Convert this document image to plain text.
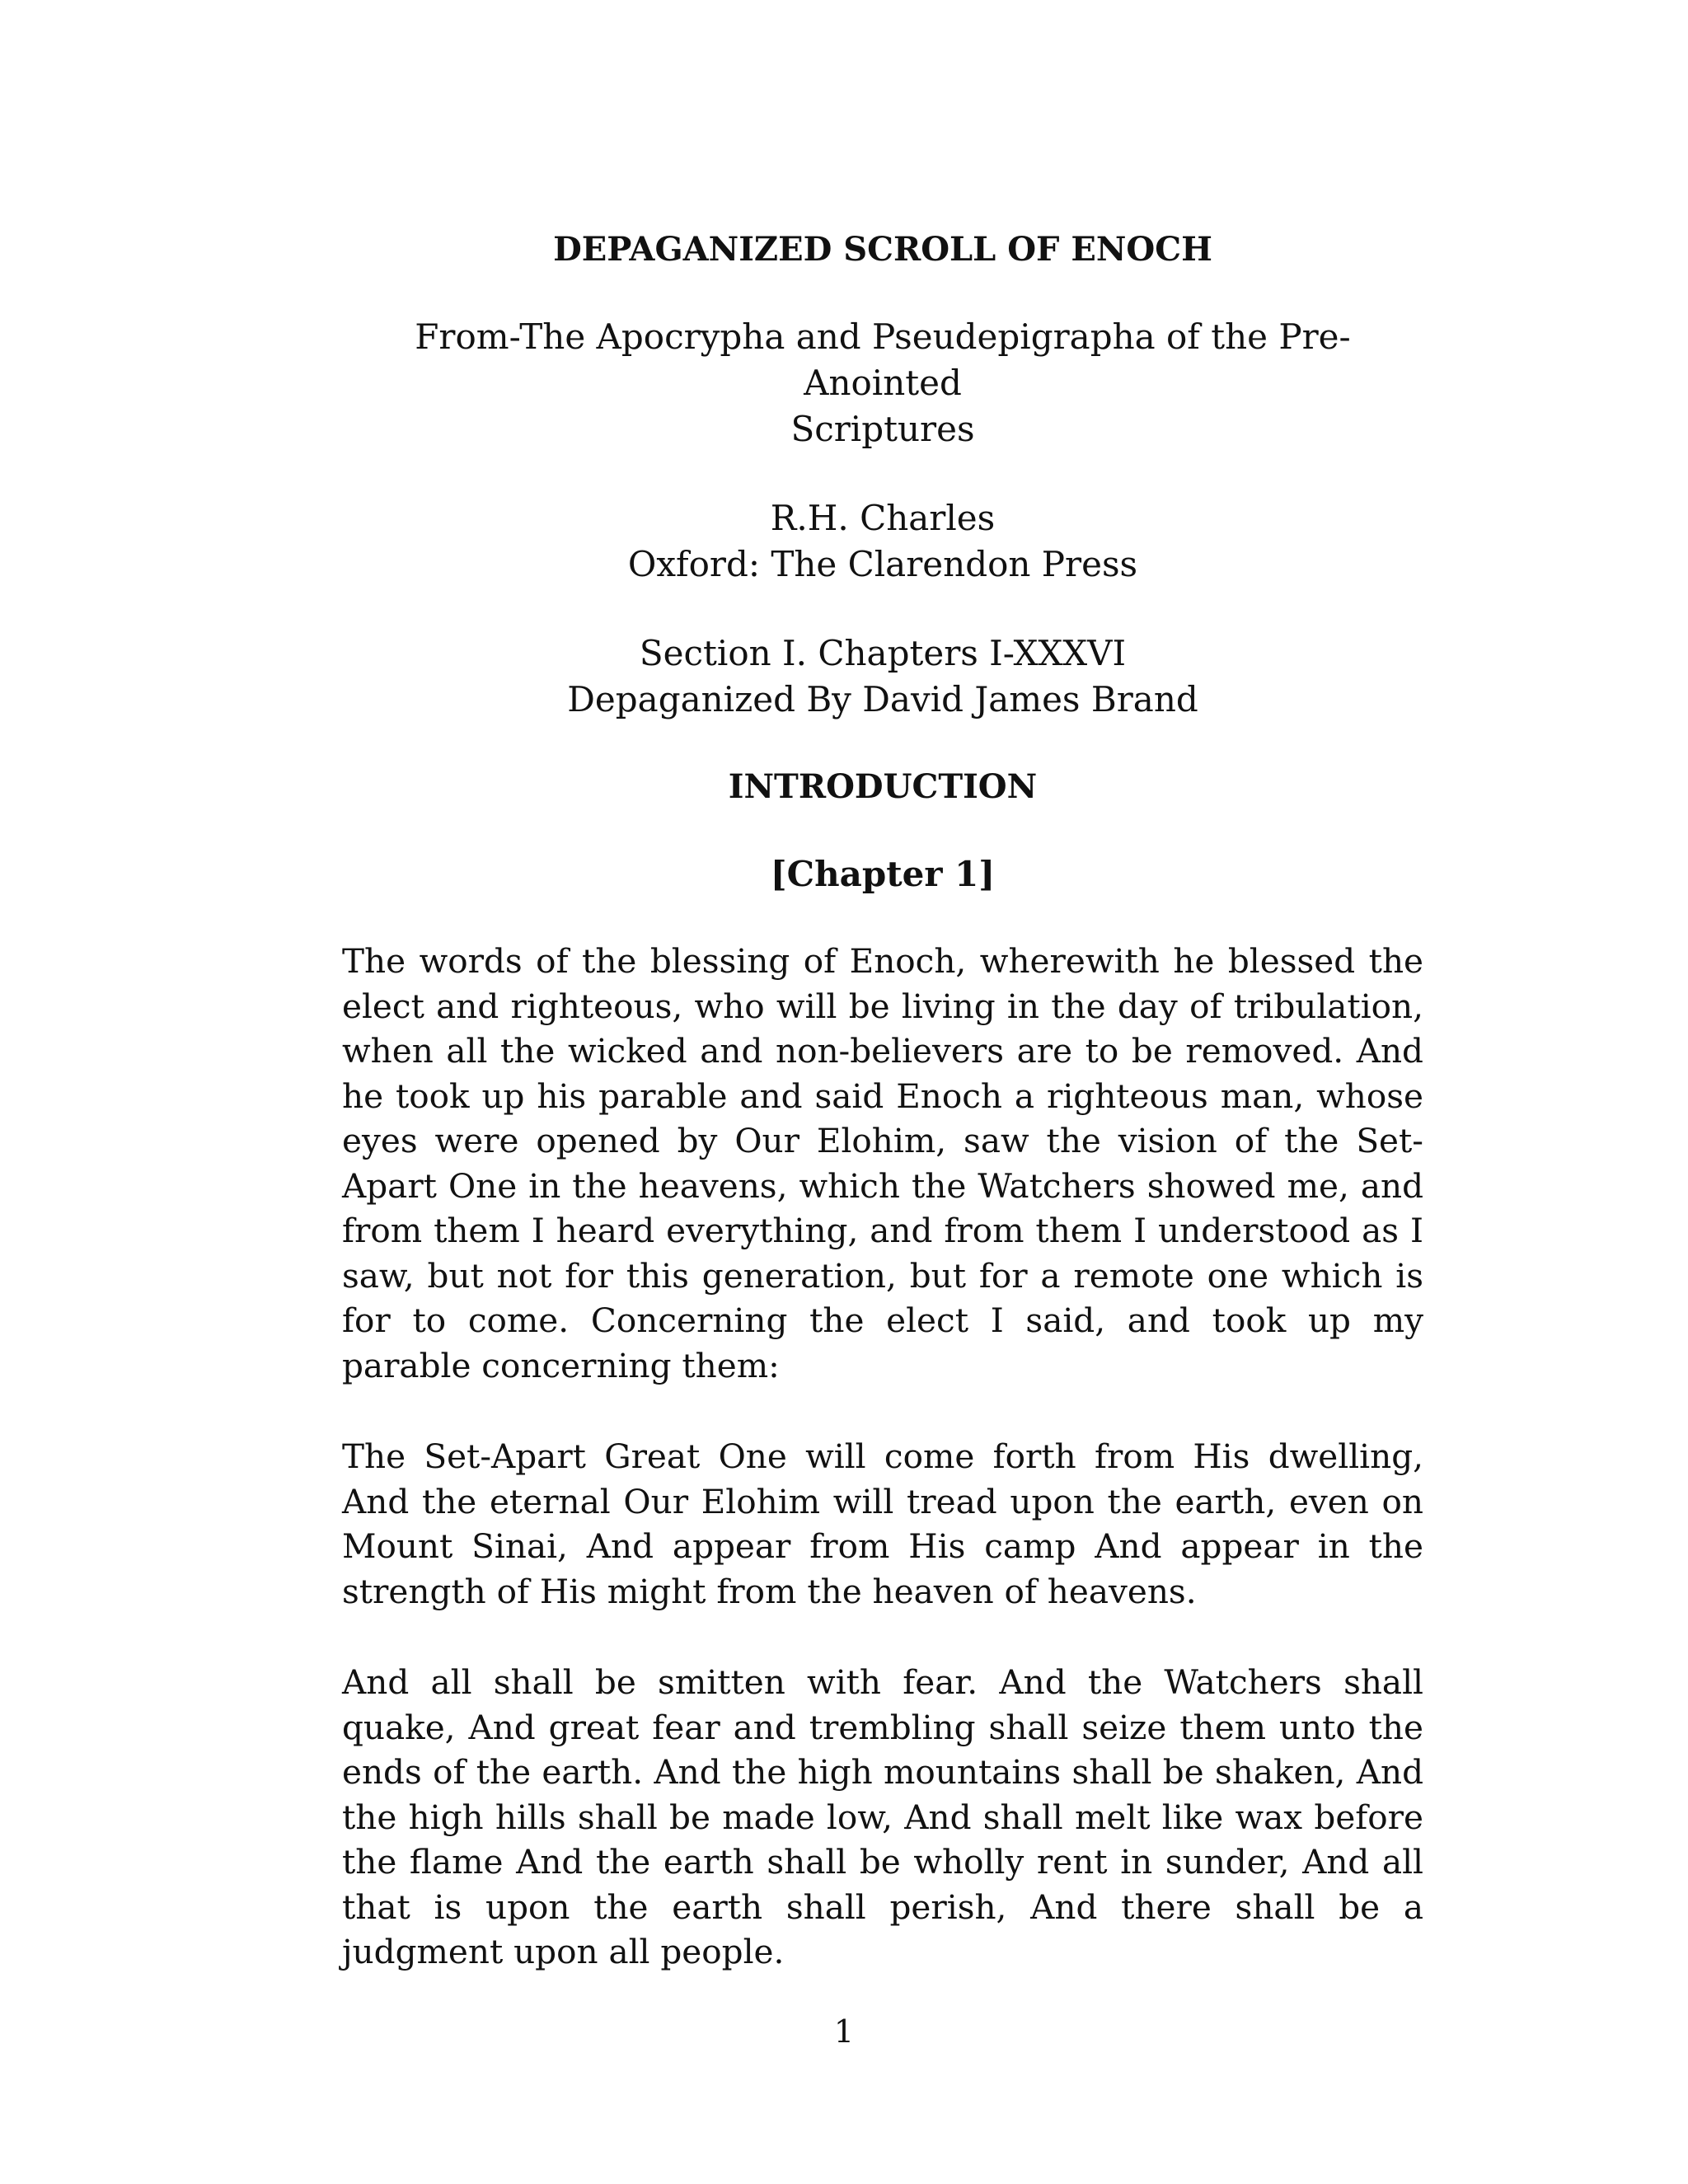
DEPAGANIZED SCROLL OF ENOCH
From-The Apocrypha and Pseudepigrapha of the Pre-Anointed
Scriptures
R.H. Charles
Oxford: The Clarendon Press
Section I. Chapters I-XXXVI
Depaganized By David James Brand
INTRODUCTION
[Chapter 1]

The words of the blessing of Enoch, wherewith he blessed the elect and righteous, who will be living in the day of tribulation, when all the wicked and non-believers are to be removed. And he took up his parable and said Enoch a righteous man, whose eyes were opened by Our Elohim, saw the vision of the Set-Apart One in the heavens, which the Watchers showed me, and from them I heard everything, and from them I understood as I saw, but not for this generation, but for a remote one which is for to come. Concerning the elect I said, and took up my parable concerning them:

The Set-Apart Great One will come forth from His dwelling, And the eternal Our Elohim will tread upon the earth, even on Mount Sinai, And appear from His camp And appear in the strength of His might from the heaven of heavens.

And all shall be smitten with fear. And the Watchers shall quake, And great fear and trembling shall seize them unto the ends of the earth. And the high mountains shall be shaken, And the high hills shall be made low, And shall melt like wax before the flame And the earth shall be wholly rent in sunder, And all that is upon the earth shall perish, And there shall be a judgment upon all people.

1
